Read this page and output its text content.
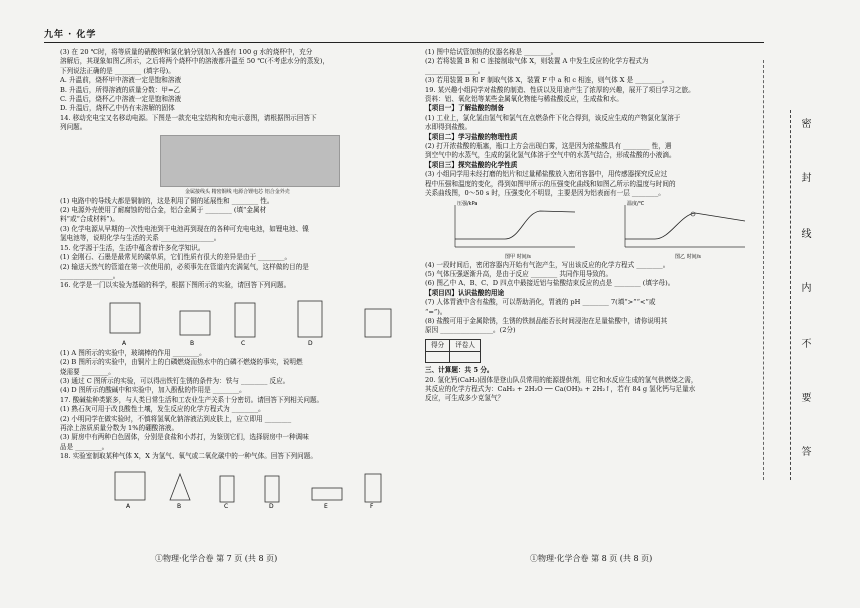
九年 · 化学

(3) 在 20 ℃时，将等质量的硝酸钾和氯化钠分别加入各盛有 100 g 水的烧杯中，充分

溶解后，其现象如图乙所示，之后将两个烧杯中的溶液都升温至 50 ℃(不考虑水分的蒸发)，

下列说法正确的是 ________ (填字母)。

A. 升温前，烧杯甲中溶液一定是饱和溶液

B. 升温后，所得溶液的质量分数：甲=乙

C. 升温后，烧杯乙中溶液一定是饱和溶液

D. 升温后，烧杯乙中仍有未溶解的固体

14. 移动充电宝又名移动电源。下图是一款充电宝结构和充电示意图，请根据图示回答下

列问题。

金属接线头 精密铜线 电源合锂电芯 铝合金外壳

(1) 电路中的导线大都是铜制的，这是利用了铜的延展性和 ________ 性。

(2) 电源外壳使用了耐腐蚀的铝合金，铝合金属于 ________ (填“金属材

料”或“合成材料”)。

(3) 化学电源从早期的一次性电池到干电池再到现在的各种可充电电池，如锂电池、镍

氢电池等，说明化学与生活的关系 ________________。

15. 化学源于生活，生活中蕴含着许多化学知识。

(1) 金刚石、石墨是最常见的碳单质，它们性质有很大的差异是由于 ________。

(2) 输送天然气的管道在第一次使用前，必须事先在管道内充满氮气，这样做的目的是

________________。

16. 化学是一门以实验为基础的科学，根据下图所示的实验，请回答下列问题。

A	B	C	D

(1) A 图所示的实验中，玻璃棒的作用 ________。

(2) B 图所示的实验中，由铜片上的白磷燃烧而热水中的白磷不燃烧的事实，说明燃

烧需要 ________。

(3) 通过 C 图所示的实验，可以得出铁钉生锈的条件为：铁与 ________ 反应。

(4) D 图所示的酸碱中和实验中，加入酚酞的作用是 ________。

17. 酸碱盐种类繁多，与人类日常生活和工农业生产关系十分密切。请回答下列相关问题。

(1) 熟石灰可用于改良酸性土壤，发生反应的化学方程式为 ________。

(2) 小明同学在做实验时，不慎将氢氧化钠溶液沾到皮肤上，应立即用 ________

再涂上溶质质量分数为 1%的硼酸溶液。

(3) 厨房中有两种白色固体，分别是食盐和小苏打，为鉴别它们，选择厨房中一种调味

品是 ________。

18. 实验室制取某种气体 X，X 为氢气、氧气或二氧化碳中的一种气体。回答下列问题。

A	B	C	D	E	F

(1) 图中给试管加热的仪器名称是 ________。

(2) 若将装置 B 和 C 连接制取气体 X，则装置 A 中发生反应的化学方程式为

________________。

(3) 若用装置 B 和 F 制取气体 X，装置 F 中 a 和 c 相连，则气体 X 是 ________。

19. 某兴趣小组同学对盐酸的制造、性质以及用途产生了浓厚的兴趣，展开了项目学习之旅。

资料：铝、氧化铝等某些金属氧化物能与稀盐酸反应，生成盐和水。

【项目一】了解盐酸的制备

(1) 工业上，氯化氢由氢气和氯气在点燃条件下化合得到，该反应生成的产物氯化氢溶于

水即得到盐酸。

【项目二】学习盐酸的物理性质

(2) 打开浓盐酸的瓶塞，瓶口上方会出现白雾，这是因为浓盐酸具有 ________ 性，遇

到空气中的水蒸气，生成的氯化氢气体溶于空气中的水蒸气结合，形成盐酸的小液滴。

【项目三】探究盐酸的化学性质

(3) 小组同学用未经打磨的铝片和过量稀盐酸放入密闭容器中，用传感器探究反应过

程中压强和温度的变化，得到如图甲所示的压强变化曲线和如图乙所示的温度与时间的

关系曲线图，0～50 s 时，压强变化不明显，主要是因为铝表面有一层 ________。

压强/kPa
图甲 时间/s
温度/℃
图乙 时间/s

(4) 一段时间后，密闭容器内开始有气泡产生，写出该反应的化学方程式 ________。

(5) 气体压强逐渐升高，是由于反应 ________ 共同作用导致的。

(6) 图乙中 A、B、C、D 四点中最接近铝与盐酸结束反应的点是 ________ (填字母)。

【项目四】认识盐酸的用途

(7) 人体胃液中含有盐酸，可以帮助消化，胃液的 pH ________ 7(填“>”“<”或

“=”)。

(8) 盐酸可用于金属除锈，生锈的铁制品能否长时间浸泡在足量盐酸中，请你说明其

原因 ________________。(2分)

得分	评卷人

三、计算题：共 5 分。

20. 氢化钙(CaH₂)固体是登山队员常用的能源提供剂，用它和水反应生成的氢气供燃烧之需，

其反应的化学方程式为：CaH₂ + 2H₂O ── Ca(OH)₂ + 2H₂↑，若有 84 g 氢化钙与足量水

反应，可生成多少克氢气？

①物理·化学合卷 第 7 页 (共 8 页)	①物理·化学合卷 第 8 页 (共 8 页)
密
封
线
内
不
要
答
